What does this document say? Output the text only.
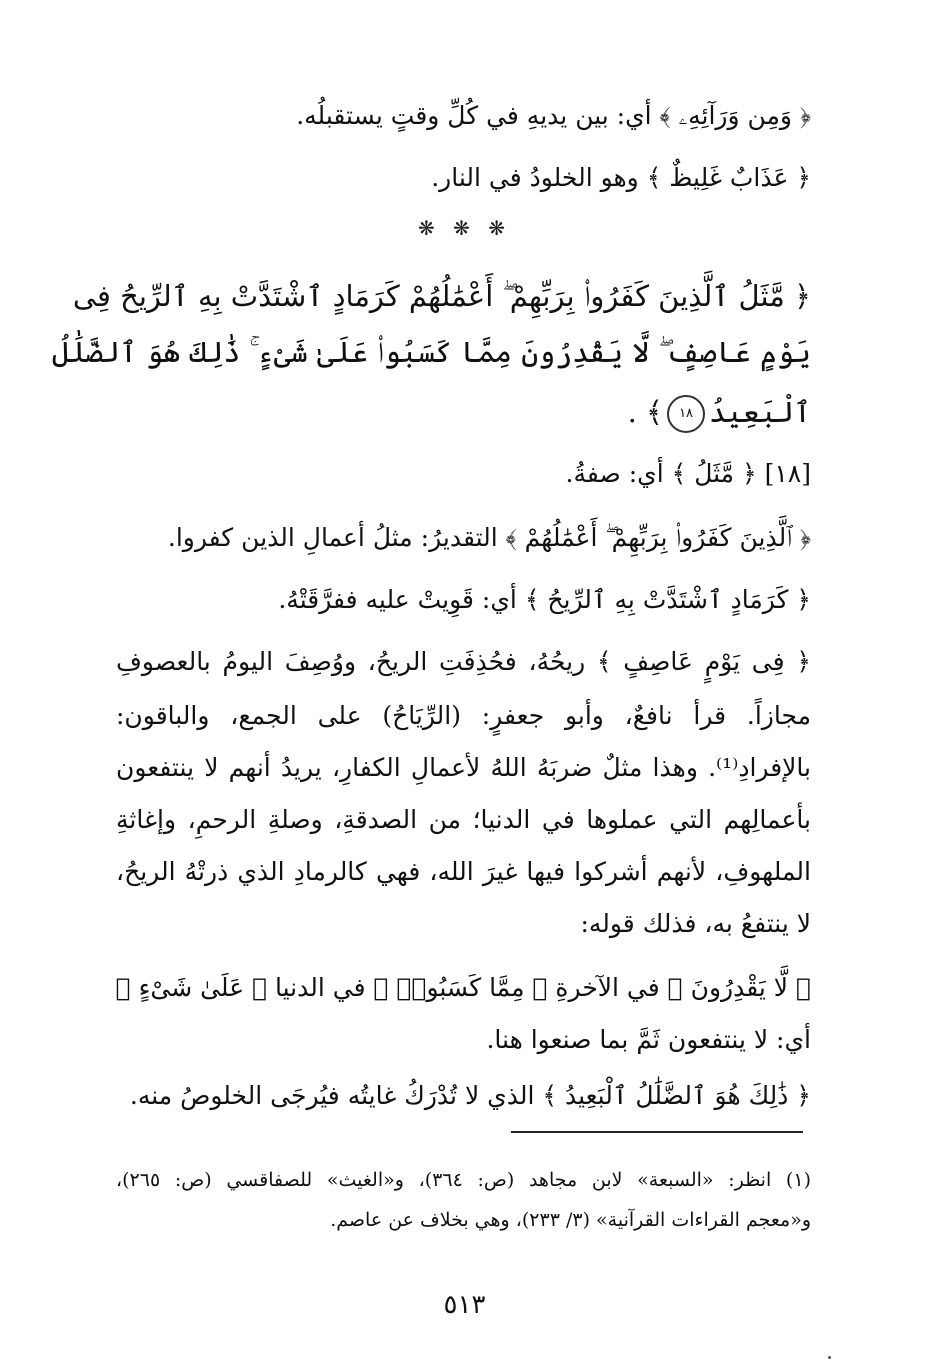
﴿ وَمِن وَرَآئِهِۦ ﴾ أي: بين يديهِ في كُلِّ وقتٍ يستقبلُه.
﴿ عَذَابٌ غَلِيظٌ ﴾ وهو الخلودُ في النار.
❋ ❋ ❋
﴿ مَّثَلُ ٱلَّذِينَ كَفَرُوا۟ بِرَبِّهِمْ ۖ أَعْمَٰلُهُمْ كَرَمَادٍ ٱشْتَدَّتْ بِهِ ٱلرِّيحُ فِى
يَوْمٍ عَاصِفٍ ۖ لَّا يَقْدِرُونَ مِمَّا كَسَبُوا۟ عَلَىٰ شَىْءٍ ۚ ذَٰلِكَ هُوَ ٱلضَّلَٰلُ
ٱلْبَعِيدُ١٨﴾ .
[١٨] ﴿ مَّثَلُ ﴾ أي: صفةُ.
﴿ ٱلَّذِينَ كَفَرُوا۟ بِرَبِّهِمْ ۖ أَعْمَٰلُهُمْ ﴾ التقديرُ: مثلُ أعمالِ الذين كفروا.
﴿ كَرَمَادٍ ٱشْتَدَّتْ بِهِ ٱلرِّيحُ ﴾ أي: قَوِيتْ عليه ففرَّقَتْهُ.
﴿ فِى يَوْمٍ عَاصِفٍ ﴾ ريحُهُ، فحُذِفَتِ الريحُ، ووُصِفَ اليومُ بالعصوفِ
مجازاً. قرأ نافعٌ، وأبو جعفرٍ: (الرِّيَاحُ) على الجمع، والباقون:
بالإفرادِ⁽¹⁾. وهذا مثلٌ ضربَهُ اللهُ لأعمالِ الكفارِ، يريدُ أنهم لا ينتفعون
بأعمالِهم التي عملوها في الدنيا؛ من الصدقةِ، وصلةِ الرحمِ، وإغاثةِ
الملهوفِ، لأنهم أشركوا فيها غيرَ الله، فهي كالرمادِ الذي ذرتْهُ الريحُ،
لا ينتفعُ به، فذلك قوله:
﴿ لَّا يَقْدِرُونَ ﴾ في الآخرةِ ﴿ مِمَّا كَسَبُوا۟ ﴾ في الدنيا ﴿ عَلَىٰ شَىْءٍ ﴾
أي: لا ينتفعون ثَمَّ بما صنعوا هنا.
﴿ ذَٰلِكَ هُوَ ٱلضَّلَٰلُ ٱلْبَعِيدُ ﴾ الذي لا تُدْرَكُ غايتُه فيُرجَى الخلوصُ منه.
(١) انظر: «السبعة» لابن مجاهد (ص: ٣٦٤)، و«الغيث» للصفاقسي (ص: ٢٦٥)،
و«معجم القراءات القرآنية» (٣/ ٢٣٣)، وهي بخلاف عن عاصم.
٥١٣
